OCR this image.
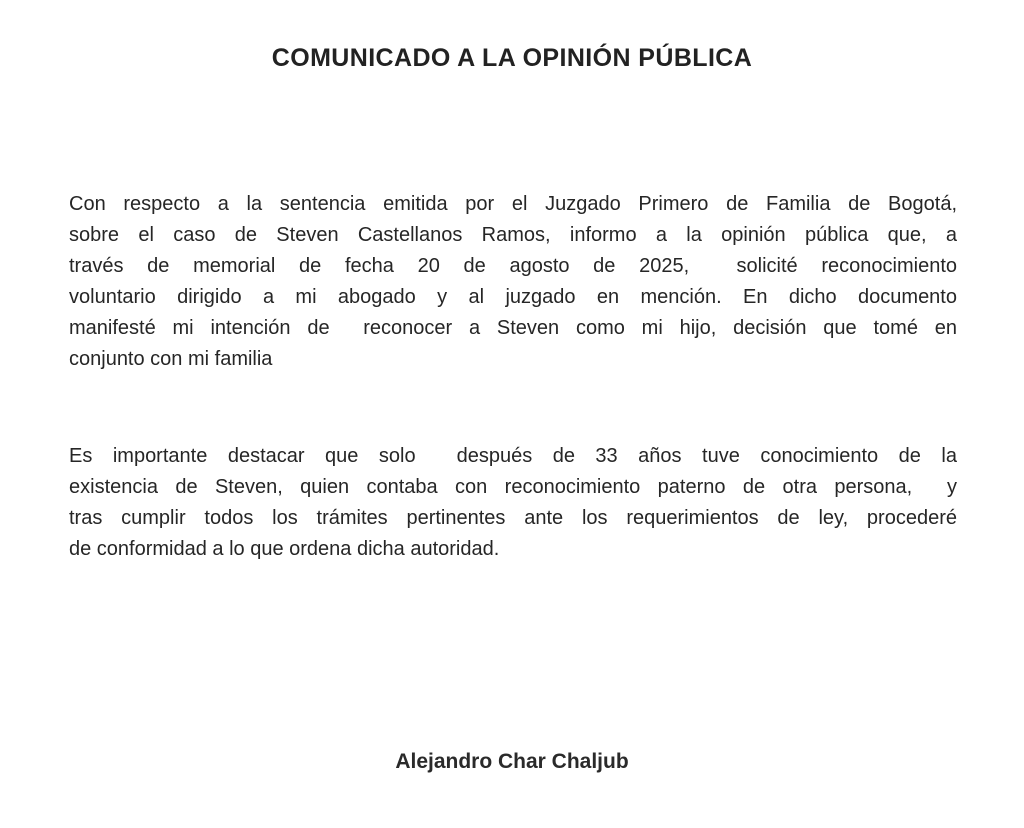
COMUNICADO A LA OPINIÓN PÚBLICA
Con respecto a la sentencia emitida por el Juzgado Primero de Familia de Bogotá,
sobre el caso de Steven Castellanos Ramos, informo a la opinión pública que, a
través de memorial de fecha 20 de agosto de 2025,  solicité reconocimiento
voluntario dirigido a mi abogado y al juzgado en mención. En dicho documento
manifesté mi intención de  reconocer a Steven como mi hijo, decisión que tomé en
conjunto con mi familia
Es importante destacar que solo  después de 33 años tuve conocimiento de la
existencia de Steven, quien contaba con reconocimiento paterno de otra persona,  y
tras cumplir todos los trámites pertinentes ante los requerimientos de ley, procederé
de conformidad a lo que ordena dicha autoridad.
Alejandro Char Chaljub
